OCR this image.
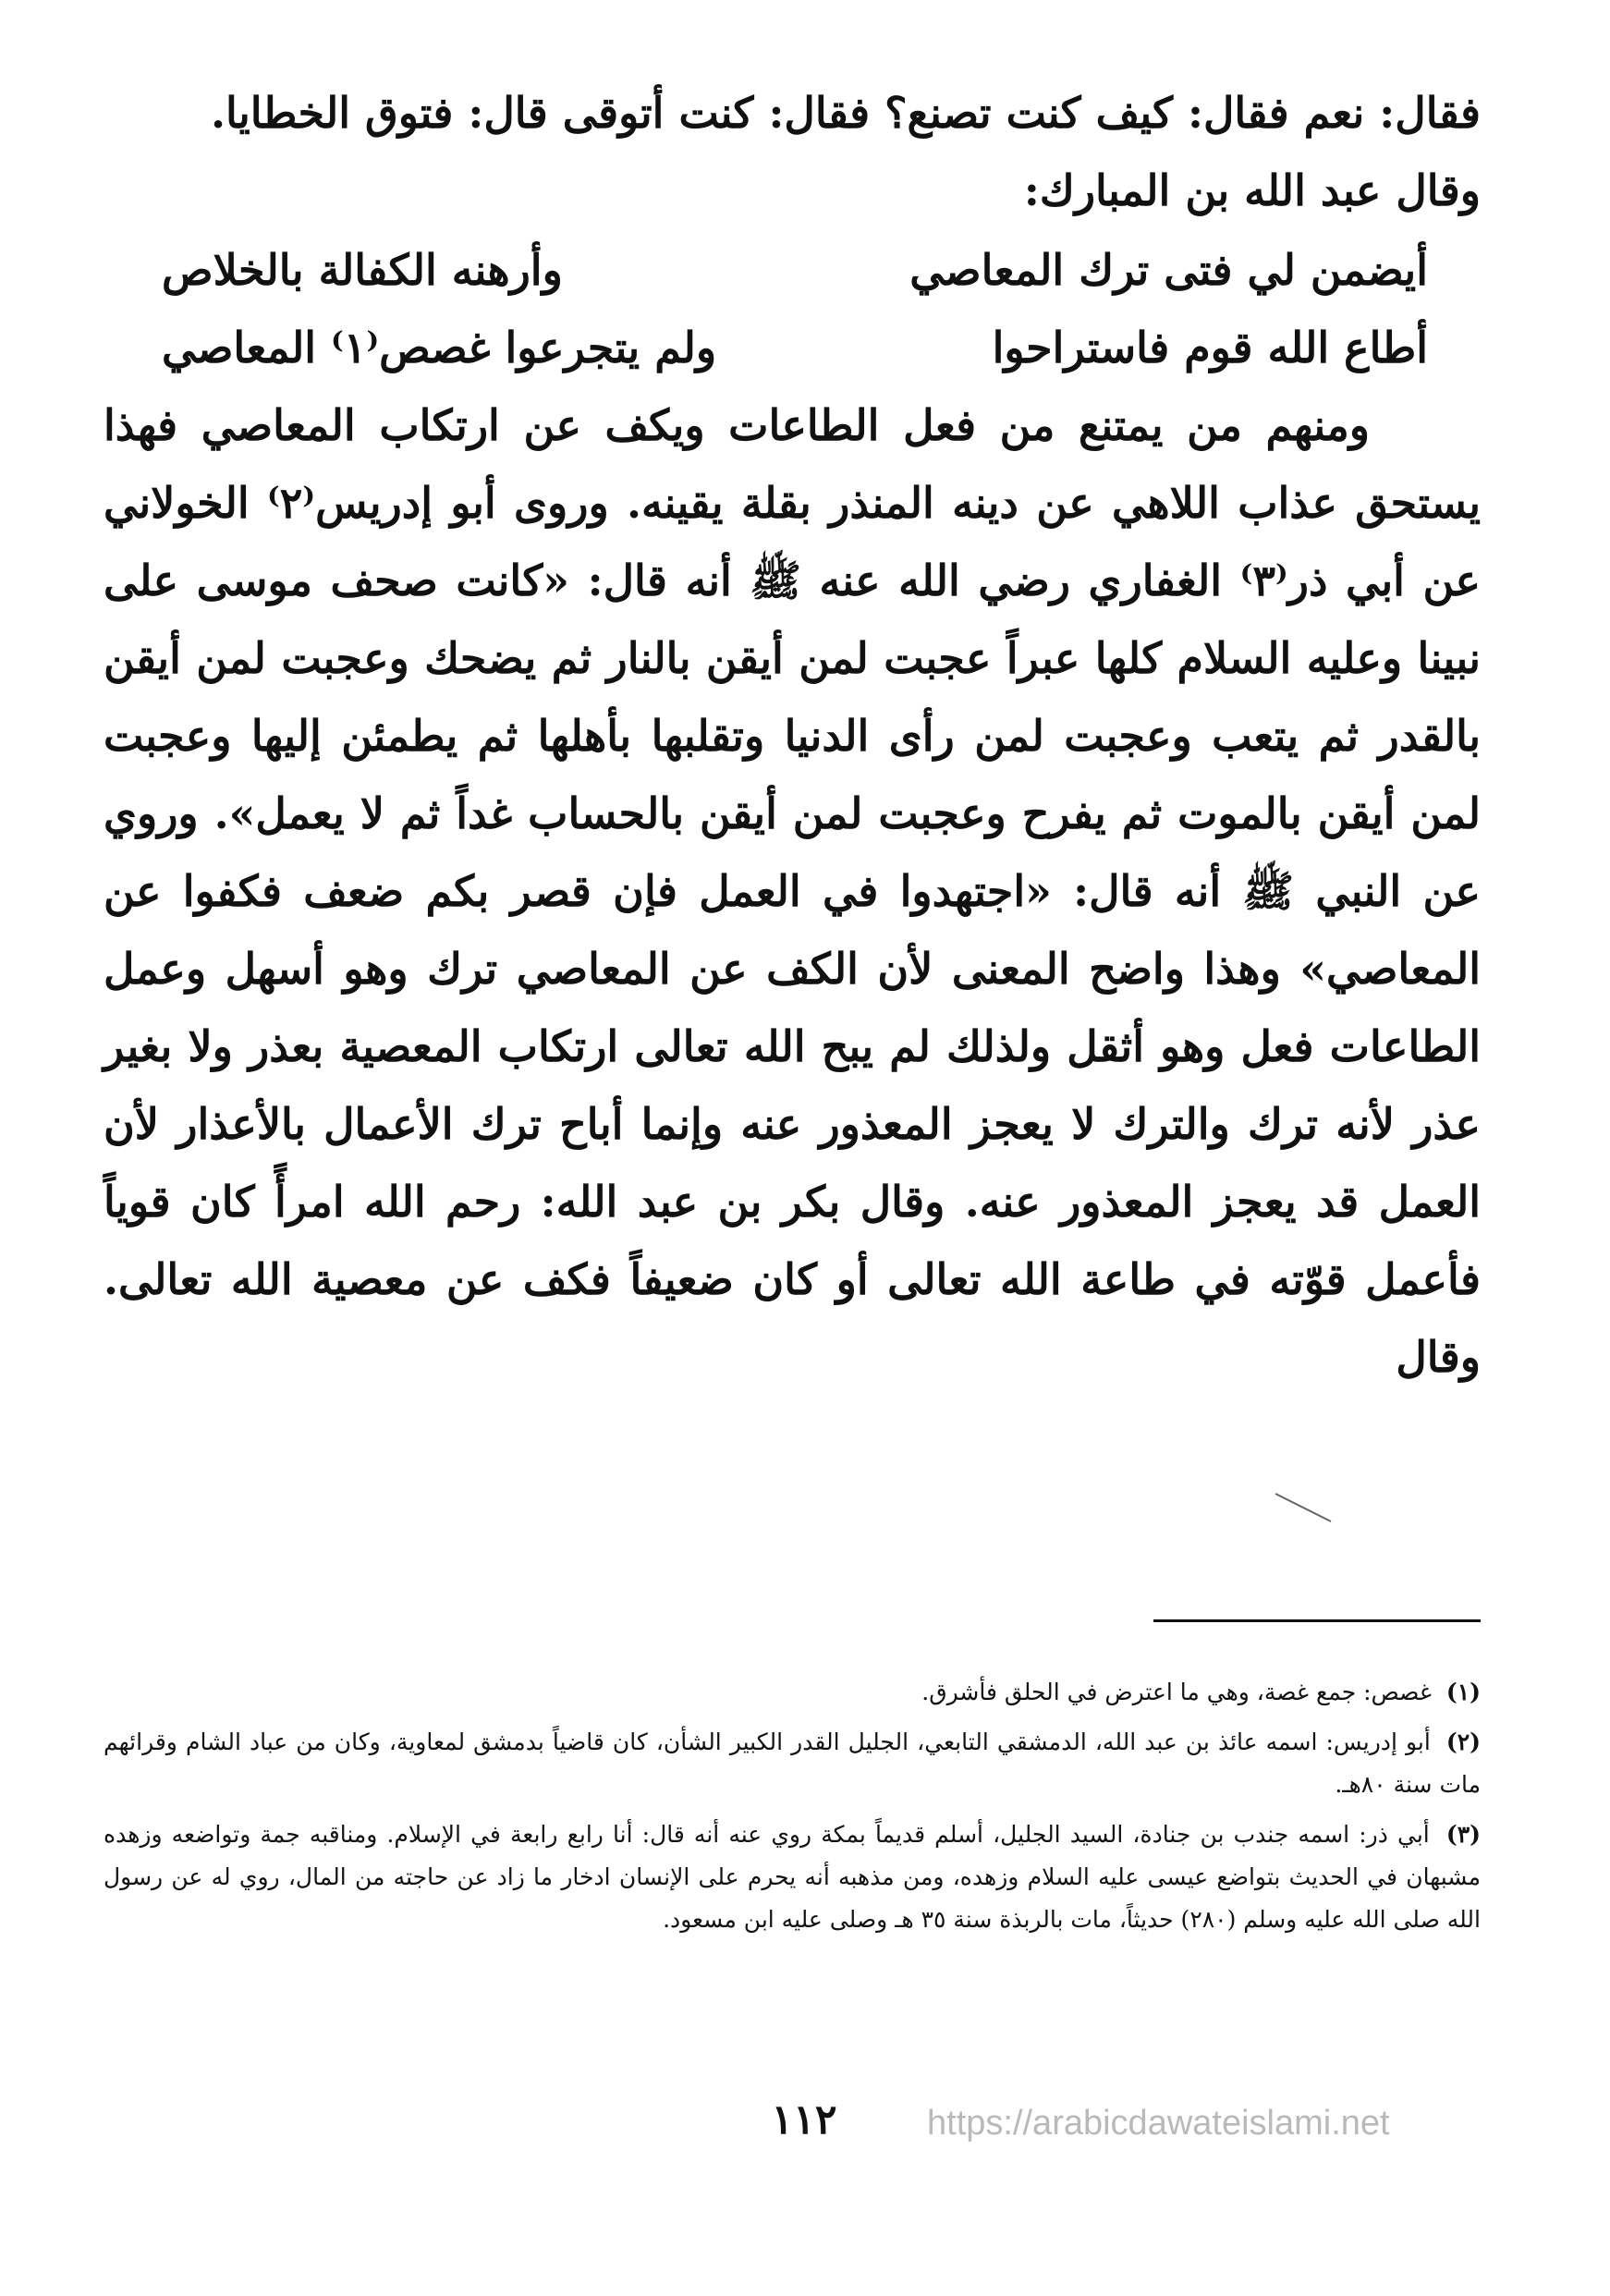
فقال: نعم فقال: كيف كنت تصنع؟ فقال: كنت أتوقى قال: فتوق الخطايا.

وقال عبد الله بن المبارك:

أيضمن لي فتى ترك المعاصي
وأرهنه الكفالة بالخلاص
أطاع الله قوم فاستراحوا
ولم يتجرعوا غصص⁽١⁾ المعاصي

ومنهم من يمتنع من فعل الطاعات ويكف عن ارتكاب المعاصي فهذا يستحق عذاب اللاهي عن دينه المنذر بقلة يقينه. وروى أبو إدريس⁽٢⁾ الخولاني عن أبي ذر⁽٣⁾ الغفاري رضي الله عنه ﷺ أنه قال: «كانت صحف موسى على نبينا وعليه السلام كلها عبراً عجبت لمن أيقن بالنار ثم يضحك وعجبت لمن أيقن بالقدر ثم يتعب وعجبت لمن رأى الدنيا وتقلبها بأهلها ثم يطمئن إليها وعجبت لمن أيقن بالموت ثم يفرح وعجبت لمن أيقن بالحساب غداً ثم لا يعمل». وروي عن النبي ﷺ أنه قال: «اجتهدوا في العمل فإن قصر بكم ضعف فكفوا عن المعاصي» وهذا واضح المعنى لأن الكف عن المعاصي ترك وهو أسهل وعمل الطاعات فعل وهو أثقل ولذلك لم يبح الله تعالى ارتكاب المعصية بعذر ولا بغير عذر لأنه ترك والترك لا يعجز المعذور عنه وإنما أباح ترك الأعمال بالأعذار لأن العمل قد يعجز المعذور عنه. وقال بكر بن عبد الله: رحم الله امرأً كان قوياً فأعمل قوّته في طاعة الله تعالى أو كان ضعيفاً فكف عن معصية الله تعالى. وقال

(١) غصص: جمع غصة، وهي ما اعترض في الحلق فأشرق.

(٢) أبو إدريس: اسمه عائذ بن عبد الله، الدمشقي التابعي، الجليل القدر الكبير الشأن، كان قاضياً بدمشق لمعاوية، وكان من عباد الشام وقرائهم مات سنة ٨٠هـ.

(٣) أبي ذر: اسمه جندب بن جنادة، السيد الجليل، أسلم قديماً بمكة روي عنه أنه قال: أنا رابع رابعة في الإسلام. ومناقبه جمة وتواضعه وزهده مشبهان في الحديث بتواضع عيسى عليه السلام وزهده، ومن مذهبه أنه يحرم على الإنسان ادخار ما زاد عن حاجته من المال، روي له عن رسول الله صلى الله عليه وسلم (٢٨٠) حديثاً، مات بالربذة سنة ٣٥ هـ وصلى عليه ابن مسعود.

١١٢	https://arabicdawateislami.net
